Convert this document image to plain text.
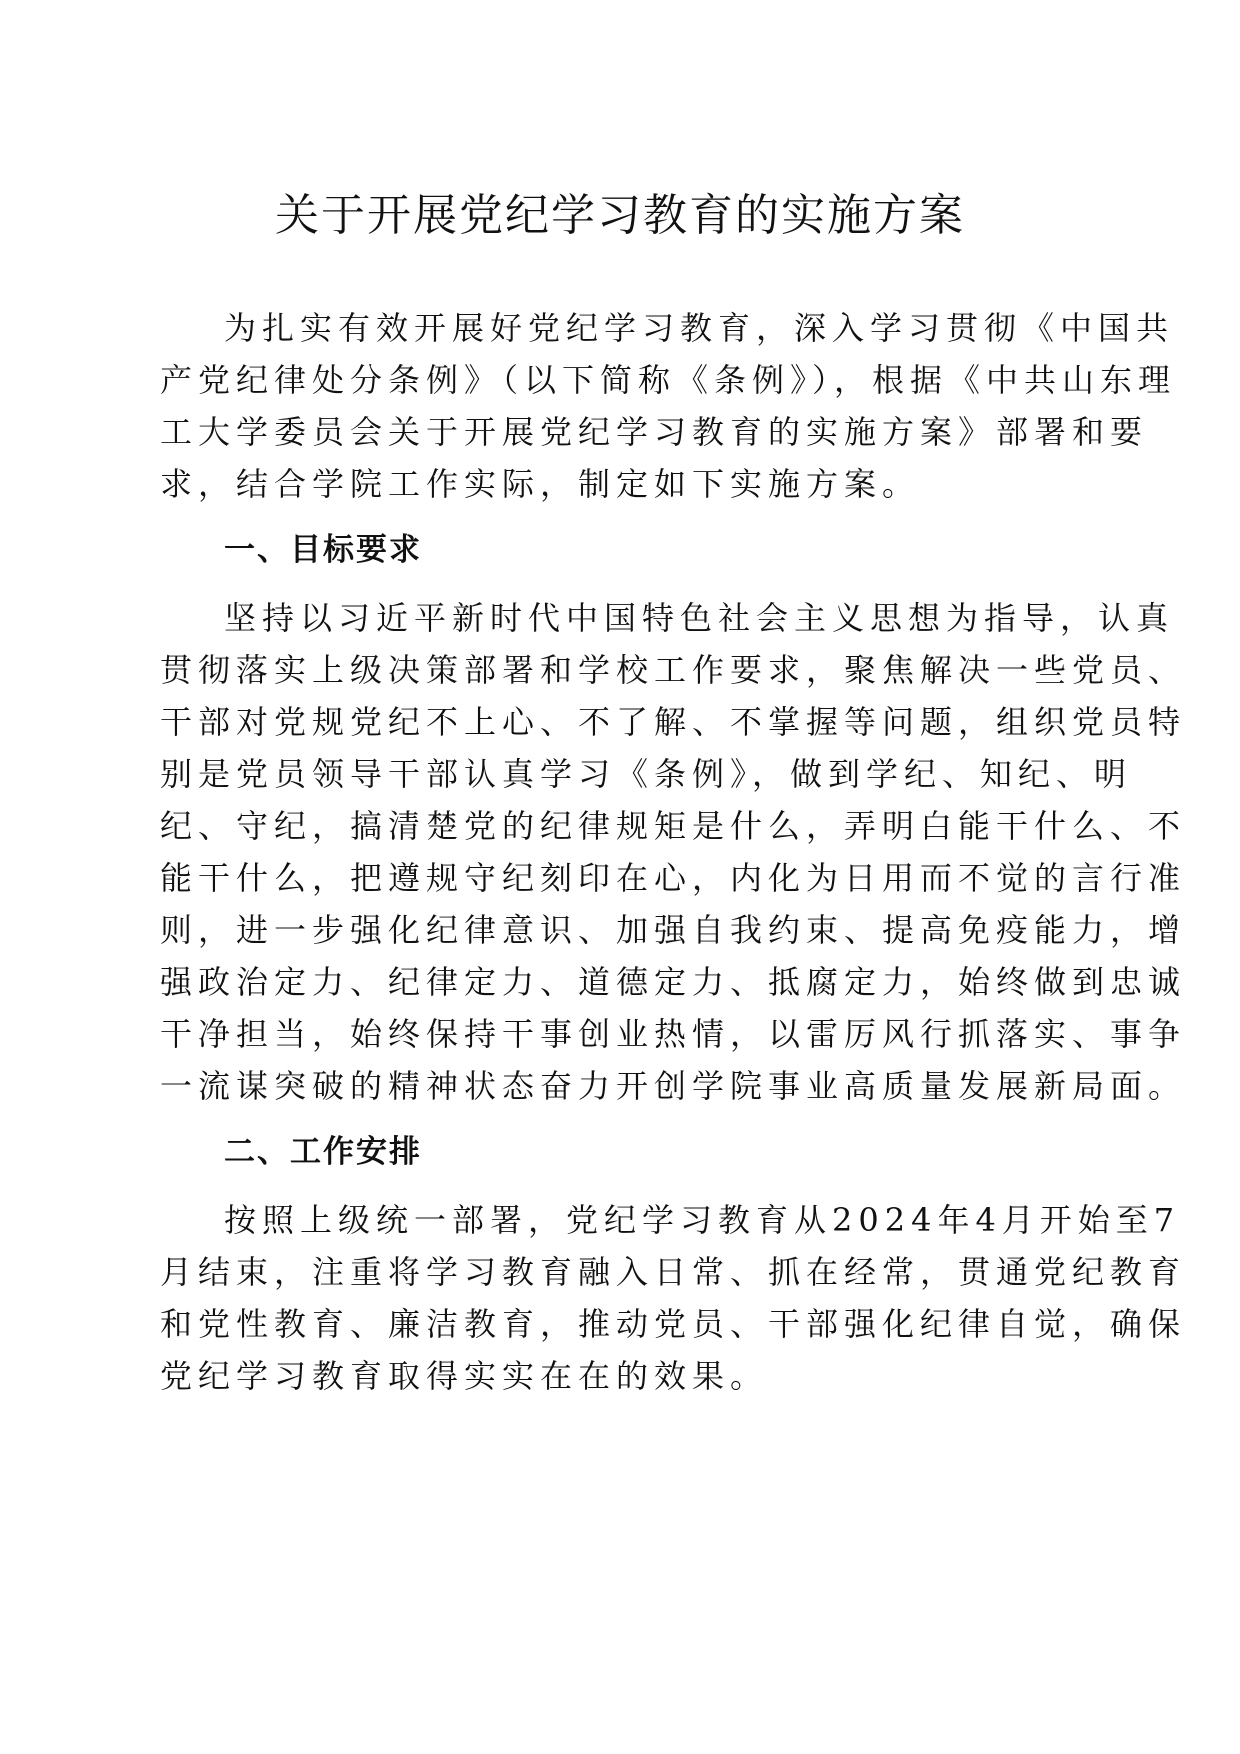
关于开展党纪学习教育的实施方案

为扎实有效开展好党纪学习教育，深入学习贯彻《中国共

产党纪律处分条例》（以下简称《条例》），根据《中共山东理

工大学委员会关于开展党纪学习教育的实施方案》部署和要

求，结合学院工作实际，制定如下实施方案。

一、目标要求

坚持以习近平新时代中国特色社会主义思想为指导，认真

贯彻落实上级决策部署和学校工作要求，聚焦解决一些党员、

干部对党规党纪不上心、不了解、不掌握等问题，组织党员特

别是党员领导干部认真学习《条例》，做到学纪、知纪、明

纪、守纪，搞清楚党的纪律规矩是什么，弄明白能干什么、不

能干什么，把遵规守纪刻印在心，内化为日用而不觉的言行准

则，进一步强化纪律意识、加强自我约束、提高免疫能力，增

强政治定力、纪律定力、道德定力、抵腐定力，始终做到忠诚

干净担当，始终保持干事创业热情，以雷厉风行抓落实、事争

一流谋突破的精神状态奋力开创学院事业高质量发展新局面。

二、工作安排

按照上级统一部署，党纪学习教育从2024年4月开始至7

月结束，注重将学习教育融入日常、抓在经常，贯通党纪教育

和党性教育、廉洁教育，推动党员、干部强化纪律自觉，确保

党纪学习教育取得实实在在的效果。
